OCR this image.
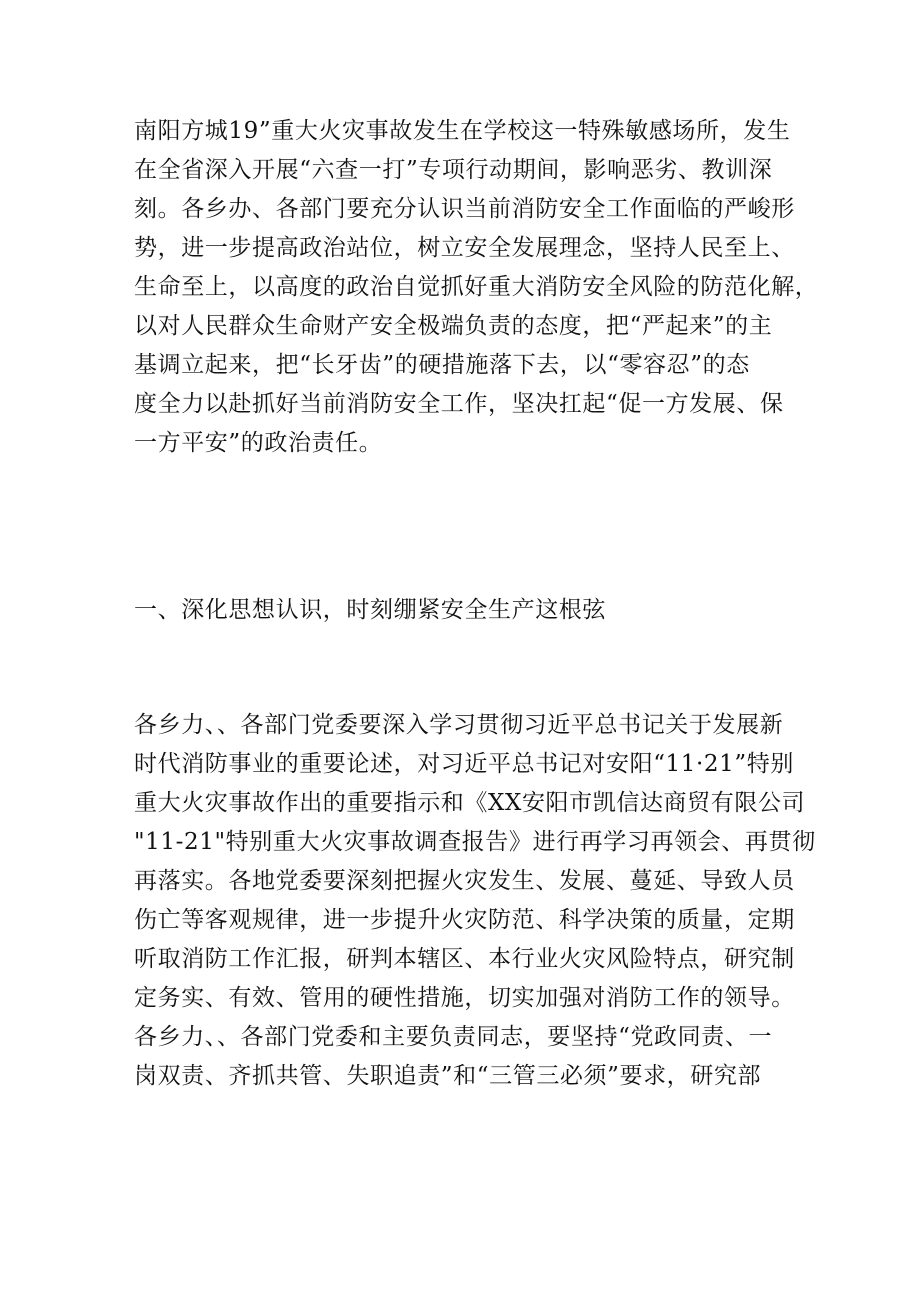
南阳方城19”重大火灾事故发生在学校这一特殊敏感场所，发生
在全省深入开展“六查一打”专项行动期间，影响恶劣、教训深
刻。各乡办、各部门要充分认识当前消防安全工作面临的严峻形
势，进一步提高政治站位，树立安全发展理念，坚持人民至上、
生命至上，以高度的政治自觉抓好重大消防安全风险的防范化解，
以对人民群众生命财产安全极端负责的态度，把“严起来”的主
基调立起来，把“长牙齿”的硬措施落下去，以“零容忍”的态
度全力以赴抓好当前消防安全工作，坚决扛起“促一方发展、保
一方平安”的政治责任。
一、深化思想认识，时刻绷紧安全生产这根弦
各乡力、、各部门党委要深入学习贯彻习近平总书记关于发展新
时代消防事业的重要论述，对习近平总书记对安阳“11·21”特别
重大火灾事故作出的重要指示和《XX安阳市凯信达商贸有限公司
"11-21"特别重大火灾事故调查报告》进行再学习再领会、再贯彻
再落实。各地党委要深刻把握火灾发生、发展、蔓延、导致人员
伤亡等客观规律，进一步提升火灾防范、科学决策的质量，定期
听取消防工作汇报，研判本辖区、本行业火灾风险特点，研究制
定务实、有效、管用的硬性措施，切实加强对消防工作的领导。
各乡力、、各部门党委和主要负责同志，要坚持“党政同责、一
岗双责、齐抓共管、失职追责”和“三管三必须”要求，研究部
